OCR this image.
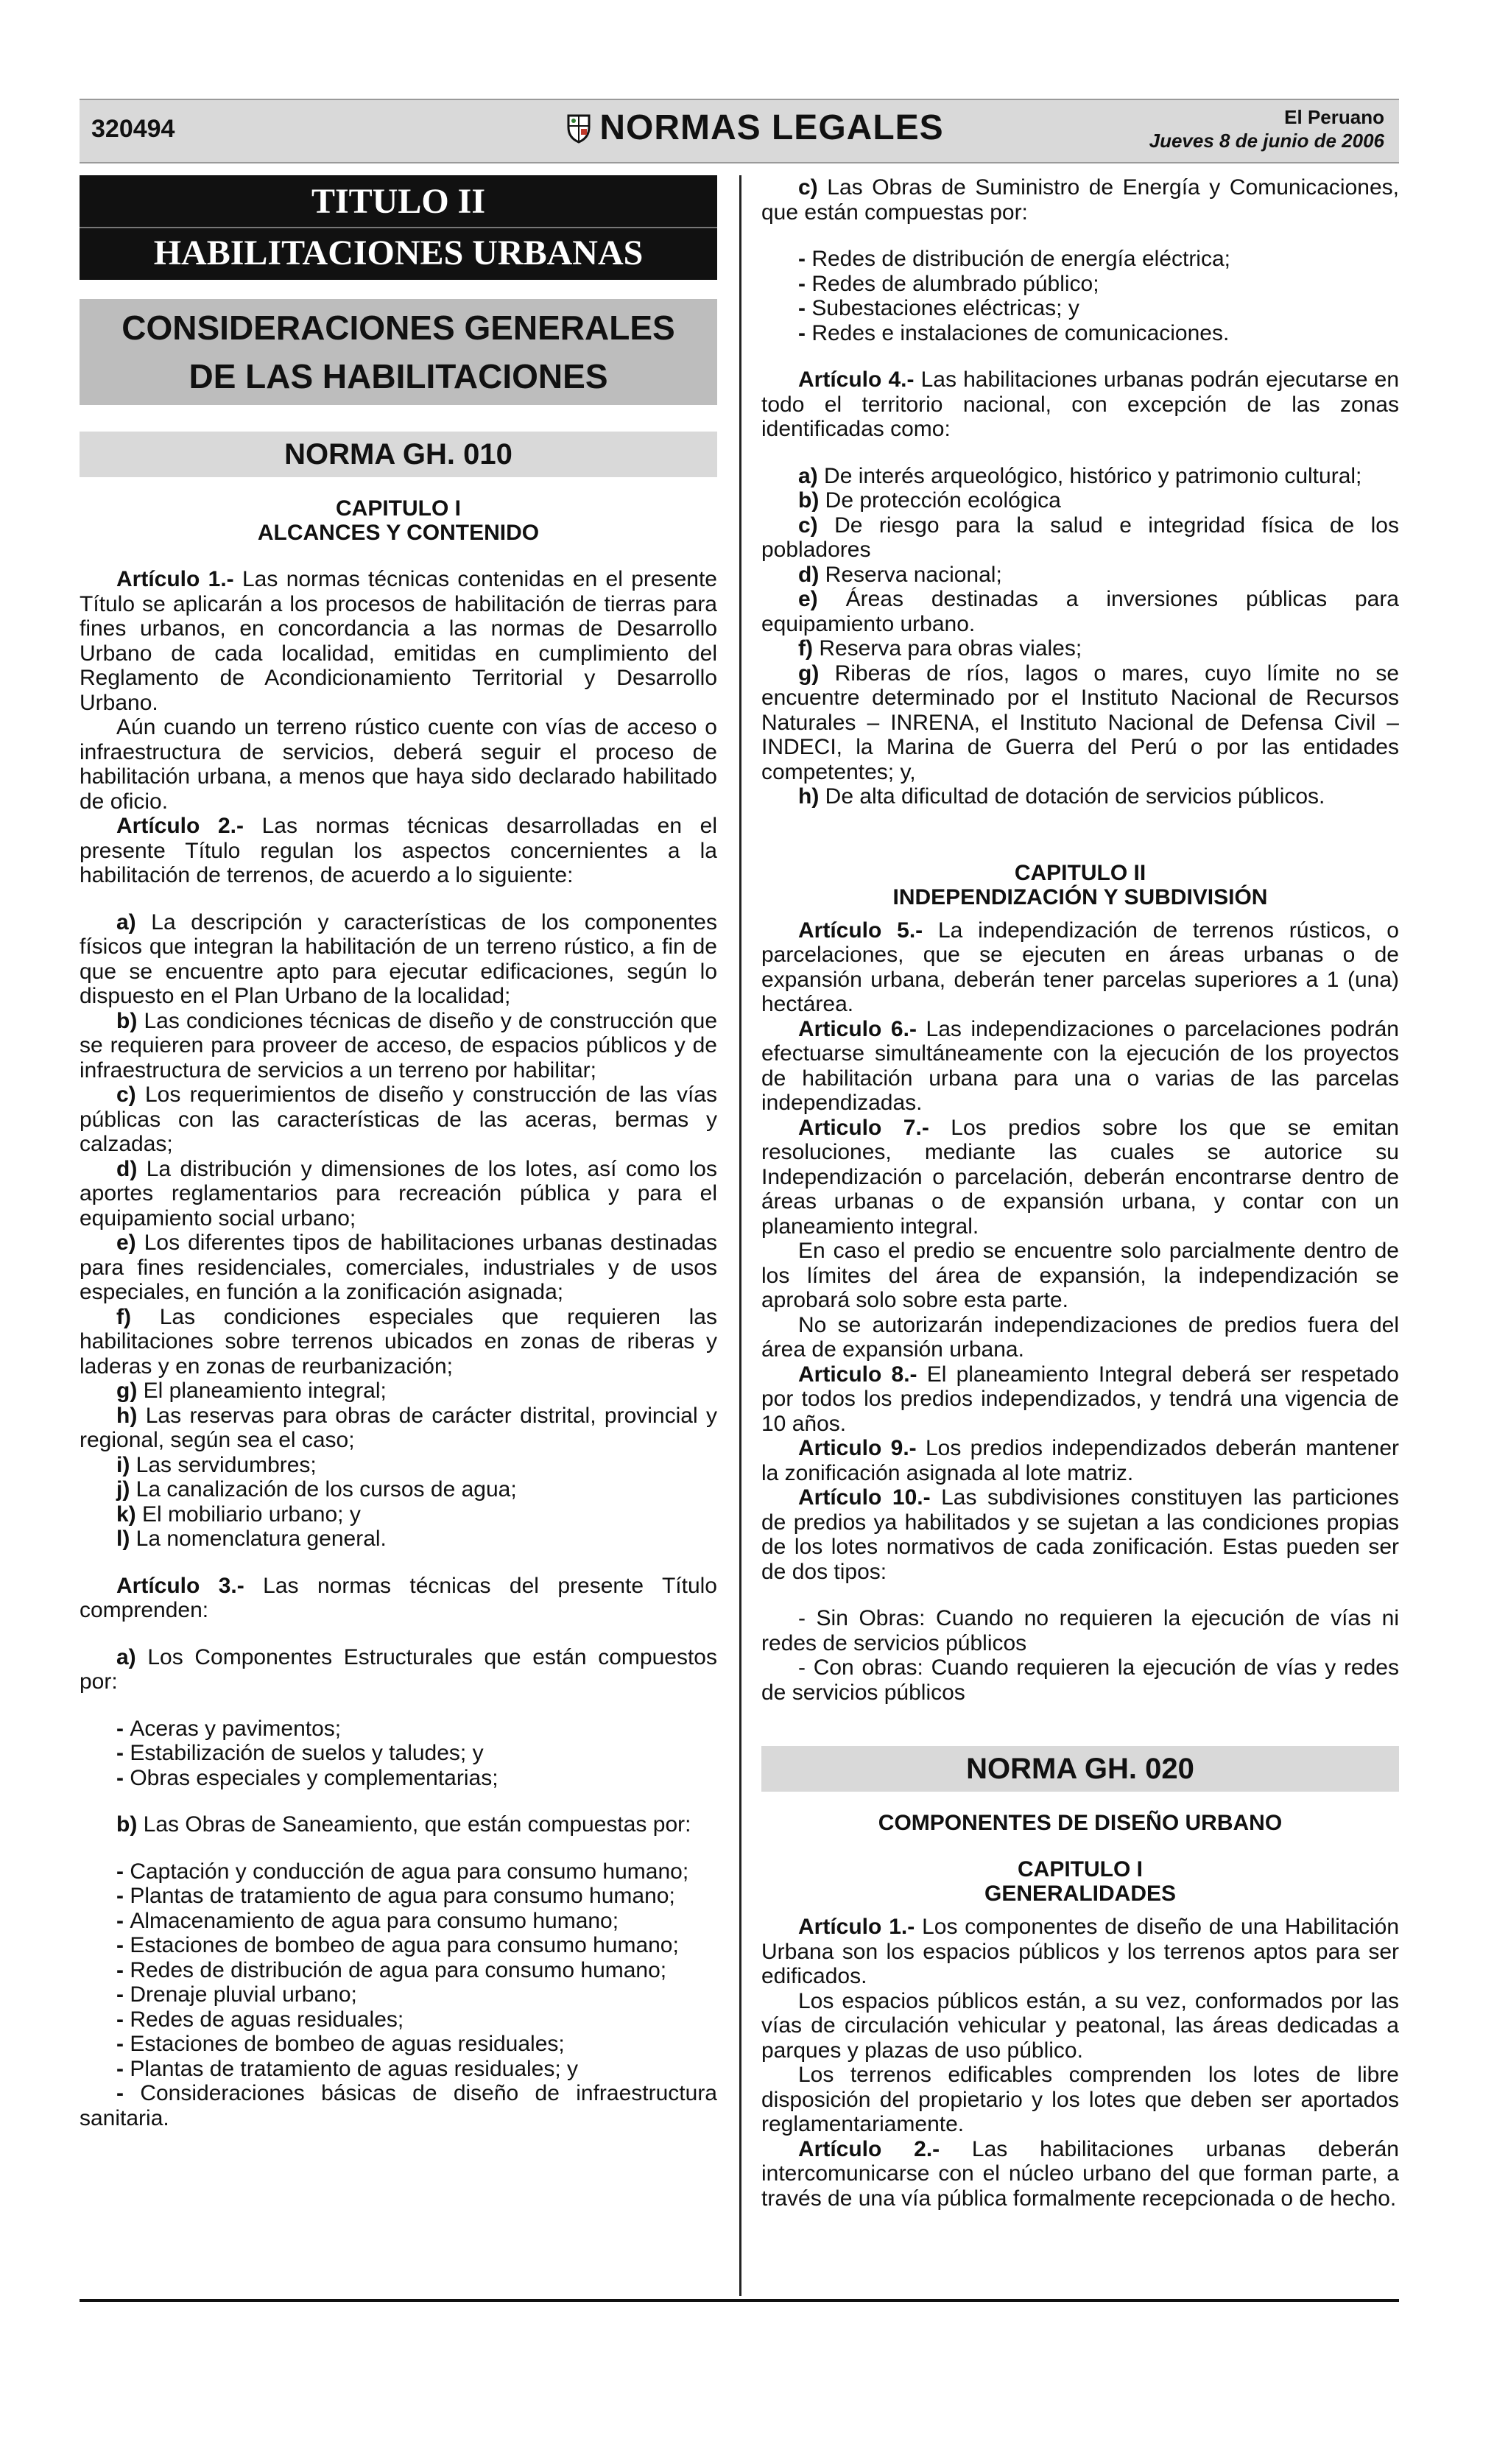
320494	NORMAS LEGALES	El Peruano
Jueves 8 de junio de 2006
TITULO II
HABILITACIONES URBANAS
CONSIDERACIONES GENERALES
DE LAS HABILITACIONES
NORMA GH. 010
CAPITULO I
ALCANCES Y CONTENIDO

Artículo 1.- Las normas técnicas contenidas en el presente Título se aplicarán a los procesos de habilitación de tierras para fines urbanos, en concordancia a las normas de Desarrollo Urbano de cada localidad, emitidas en cumplimiento del Reglamento de Acondicionamiento Territorial y Desarrollo Urbano.

Aún cuando un terreno rústico cuente con vías de acceso o infraestructura de servicios, deberá seguir el proceso de habilitación urbana, a menos que haya sido declarado habilitado de oficio.

Artículo 2.- Las normas técnicas desarrolladas en el presente Título regulan los aspectos concernientes a la habilitación de terrenos, de acuerdo a lo siguiente:

a) La descripción y características de los componentes físicos que integran la habilitación de un terreno rústico, a fin de que se encuentre apto para ejecutar edificaciones, según lo dispuesto en el Plan Urbano de la localidad;

b) Las condiciones técnicas de diseño y de construcción que se requieren para proveer de acceso, de espacios públicos y de infraestructura de servicios a un terreno por habilitar;

c) Los requerimientos de diseño y construcción de las vías públicas con las características de las aceras, bermas y calzadas;

d) La distribución y dimensiones de los lotes, así como los aportes reglamentarios para recreación pública y para el equipamiento social urbano;

e) Los diferentes tipos de habilitaciones urbanas destinadas para fines residenciales, comerciales, industriales y de usos especiales, en función a la zonificación asignada;

f) Las condiciones especiales que requieren las habilitaciones sobre terrenos ubicados en zonas de riberas y laderas y en zonas de reurbanización;

g) El planeamiento integral;

h) Las reservas para obras de carácter distrital, provincial y regional, según sea el caso;

i) Las servidumbres;

j) La canalización de los cursos de agua;

k) El mobiliario urbano; y

l) La nomenclatura general.

Artículo 3.- Las normas técnicas del presente Título comprenden:

a) Los Componentes Estructurales que están compuestos por:

- Aceras y pavimentos;

- Estabilización de suelos y taludes; y

- Obras especiales y complementarias;

b) Las Obras de Saneamiento, que están compuestas por:

- Captación y conducción de agua para consumo humano;

- Plantas de tratamiento de agua para consumo humano;

- Almacenamiento de agua para consumo humano;

- Estaciones de bombeo de agua para consumo humano;

- Redes de distribución de agua para consumo humano;

- Drenaje pluvial urbano;

- Redes de aguas residuales;

- Estaciones de bombeo de aguas residuales;

- Plantas de tratamiento de aguas residuales; y

- Consideraciones básicas de diseño de infraestructura sanitaria.

c) Las Obras de Suministro de Energía y Comunicaciones, que están compuestas por:

- Redes de distribución de energía eléctrica;

- Redes de alumbrado público;

- Subestaciones eléctricas; y

- Redes e instalaciones de comunicaciones.

Artículo 4.- Las habilitaciones urbanas podrán ejecutarse en todo el territorio nacional, con excepción de las zonas identificadas como:

a) De interés arqueológico, histórico y patrimonio cultural;

b) De protección ecológica

c) De riesgo para la salud e integridad física de los pobladores

d) Reserva nacional;

e) Áreas destinadas a inversiones públicas para equipamiento urbano.

f) Reserva para obras viales;

g) Riberas de ríos, lagos o mares, cuyo límite no se encuentre determinado por el Instituto Nacional de Recursos Naturales – INRENA, el Instituto Nacional de Defensa Civil – INDECI, la Marina de Guerra del Perú o por las entidades competentes; y,

h) De alta dificultad de dotación de servicios públicos.

CAPITULO II
INDEPENDIZACIÓN Y SUBDIVISIÓN

Artículo 5.- La independización de terrenos rústicos, o parcelaciones, que se ejecuten en áreas urbanas o de expansión urbana, deberán tener parcelas superiores a 1 (una) hectárea.

Articulo 6.- Las independizaciones o parcelaciones podrán efectuarse simultáneamente con la ejecución de los proyectos de habilitación urbana para una o varias de las parcelas independizadas.

Articulo 7.- Los predios sobre los que se emitan resoluciones, mediante las cuales se autorice su Independización o parcelación, deberán encontrarse dentro de áreas urbanas o de expansión urbana, y contar con un planeamiento integral.

En caso el predio se encuentre solo parcialmente dentro de los límites del área de expansión, la independización se aprobará solo sobre esta parte.

No se autorizarán independizaciones de predios fuera del área de expansión urbana.

Articulo 8.- El planeamiento Integral deberá ser respetado por todos los predios independizados, y tendrá una vigencia de 10 años.

Articulo 9.- Los predios independizados deberán mantener la zonificación asignada al lote matriz.

Artículo 10.- Las subdivisiones constituyen las particiones de predios ya habilitados y se sujetan a las condiciones propias de los lotes normativos de cada zonificación. Estas pueden ser de dos tipos:

- Sin Obras: Cuando no requieren la ejecución de vías ni redes de servicios públicos

- Con obras: Cuando requieren la ejecución de vías y redes de servicios públicos

NORMA GH. 020
COMPONENTES DE DISEÑO URBANO
CAPITULO I
GENERALIDADES

Artículo 1.- Los componentes de diseño de una Habilitación Urbana son los espacios públicos y los terrenos aptos para ser edificados.

Los espacios públicos están, a su vez, conformados por las vías de circulación vehicular y peatonal, las áreas dedicadas a parques y plazas de uso público.

Los terrenos edificables comprenden los lotes de libre disposición del propietario y los lotes que deben ser aportados reglamentariamente.

Artículo 2.- Las habilitaciones urbanas deberán intercomunicarse con el núcleo urbano del que forman parte, a través de una vía pública formalmente recepcionada o de hecho.
